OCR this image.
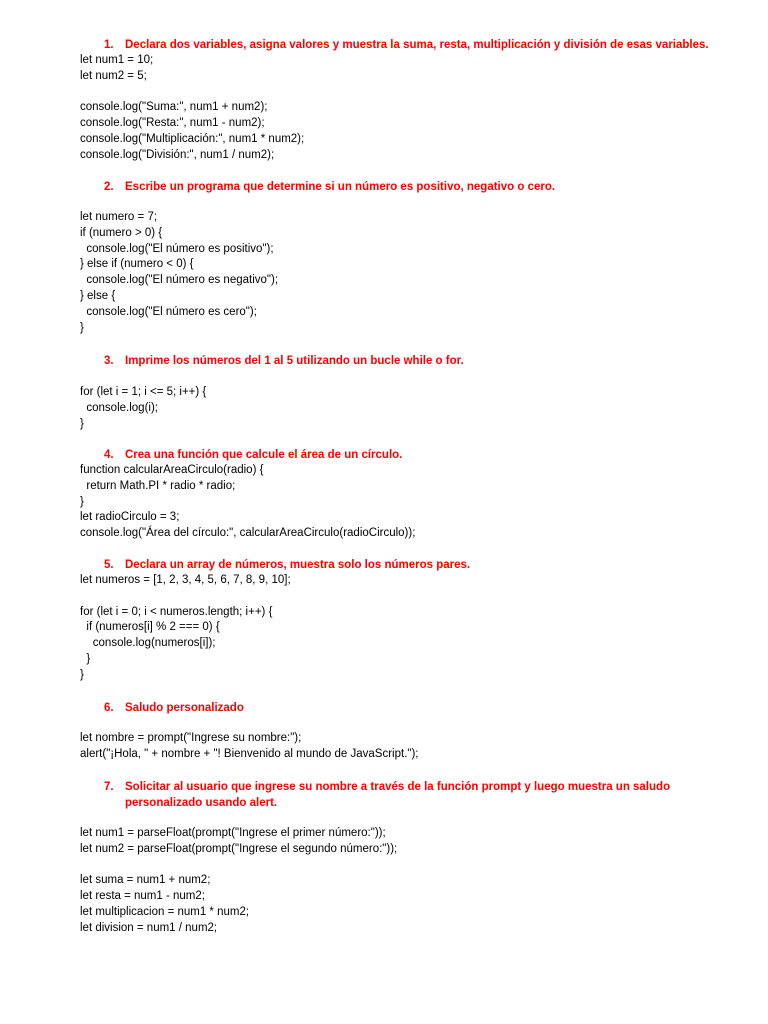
1. Declara dos variables, asigna valores y muestra la suma, resta, multiplicación y división de esas variables.
let num1 = 10;
let num2 = 5;
console.log("Suma:", num1 + num2);
console.log("Resta:", num1 - num2);
console.log("Multiplicación:", num1 * num2);
console.log("División:", num1 / num2);
2. Escribe un programa que determine si un número es positivo, negativo o cero.
let numero = 7;
if (numero > 0) {
console.log("El número es positivo");
} else if (numero < 0) {
console.log("El número es negativo");
} else {
console.log("El número es cero");
}
3. Imprime los números del 1 al 5 utilizando un bucle while o for.
for (let i = 1; i <= 5; i++) {
console.log(i);
}
4. Crea una función que calcule el área de un círculo.
function calcularAreaCirculo(radio) {
return Math.PI * radio * radio;
}
let radioCirculo = 3;
console.log("Área del círculo:", calcularAreaCirculo(radioCirculo));
5. Declara un array de números, muestra solo los números pares.
let numeros = [1, 2, 3, 4, 5, 6, 7, 8, 9, 10];
for (let i = 0; i < numeros.length; i++) {
if (numeros[i] % 2 === 0) {
console.log(numeros[i]);
}
}
6. Saludo personalizado
let nombre = prompt("Ingrese su nombre:");
alert("¡Hola, " + nombre + "! Bienvenido al mundo de JavaScript.");
7. Solicitar al usuario que ingrese su nombre a través de la función prompt y luego muestra un saludo personalizado usando alert.
let num1 = parseFloat(prompt("Ingrese el primer número:"));
let num2 = parseFloat(prompt("Ingrese el segundo número:"));
let suma = num1 + num2;
let resta = num1 - num2;
let multiplicacion = num1 * num2;
let division = num1 / num2;
